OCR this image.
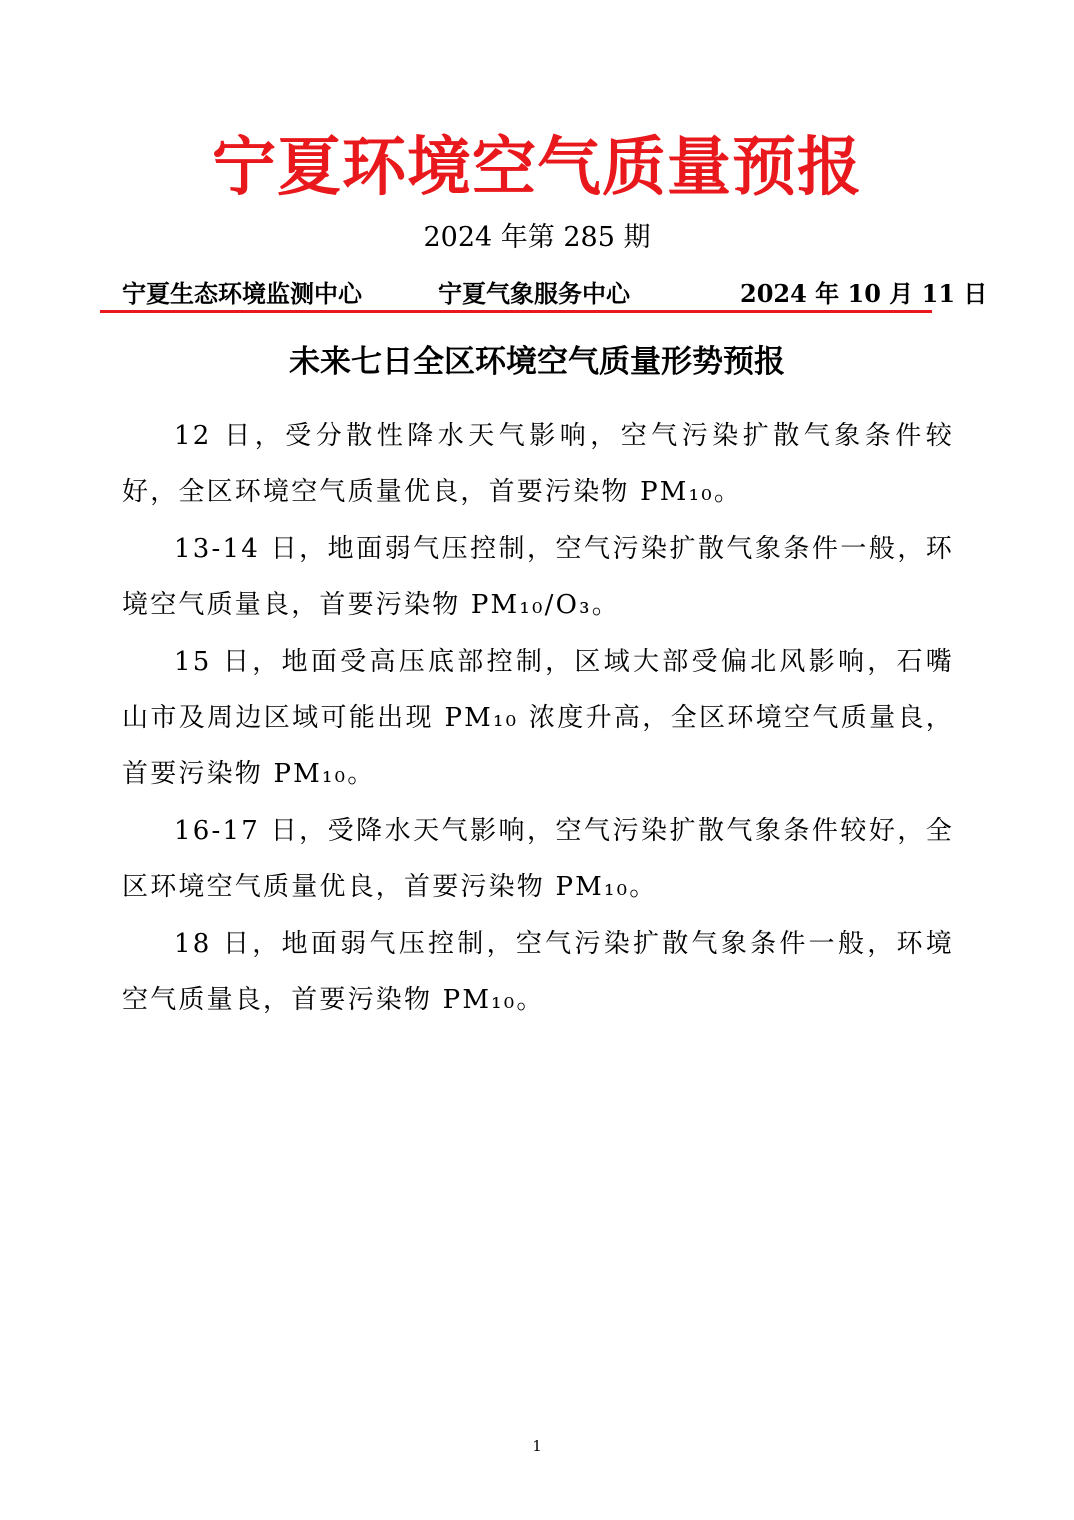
宁夏环境空气质量预报
2024 年第 285 期
宁夏生态环境监测中心	宁夏气象服务中心	2024 年 10 月 11 日
未来七日全区环境空气质量形势预报

12 日，受分散性降水天气影响，空气污染扩散气象条件较好，全区环境空气质量优良，首要污染物 PM₁₀。

13-14 日，地面弱气压控制，空气污染扩散气象条件一般，环境空气质量良，首要污染物 PM₁₀/O₃。

15 日，地面受高压底部控制，区域大部受偏北风影响，石嘴山市及周边区域可能出现 PM₁₀ 浓度升高，全区环境空气质量良，首要污染物 PM₁₀。

16-17 日，受降水天气影响，空气污染扩散气象条件较好，全区环境空气质量优良，首要污染物 PM₁₀。

18 日，地面弱气压控制，空气污染扩散气象条件一般，环境空气质量良，首要污染物 PM₁₀。

1
